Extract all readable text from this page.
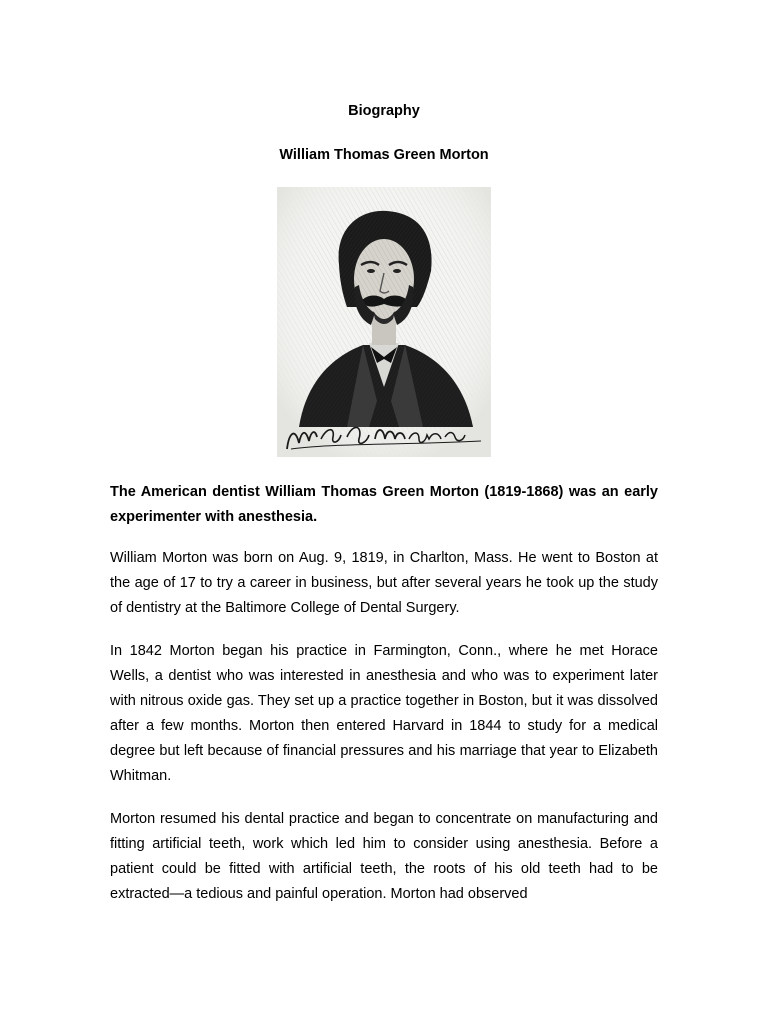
Biography
William Thomas Green Morton

The American dentist William Thomas Green Morton (1819-1868) was an early experimenter with anesthesia.

William Morton was born on Aug. 9, 1819, in Charlton, Mass. He went to Boston at the age of 17 to try a career in business, but after several years he took up the study of dentistry at the Baltimore College of Dental Surgery.

In 1842 Morton began his practice in Farmington, Conn., where he met Horace Wells, a dentist who was interested in anesthesia and who was to experiment later with nitrous oxide gas. They set up a practice together in Boston, but it was dissolved after a few months. Morton then entered Harvard in 1844 to study for a medical degree but left because of financial pressures and his marriage that year to Elizabeth Whitman.

Morton resumed his dental practice and began to concentrate on manufacturing and fitting artificial teeth, work which led him to consider using anesthesia. Before a patient could be fitted with artificial teeth, the roots of his old teeth had to be extracted—a tedious and painful operation. Morton had observed
